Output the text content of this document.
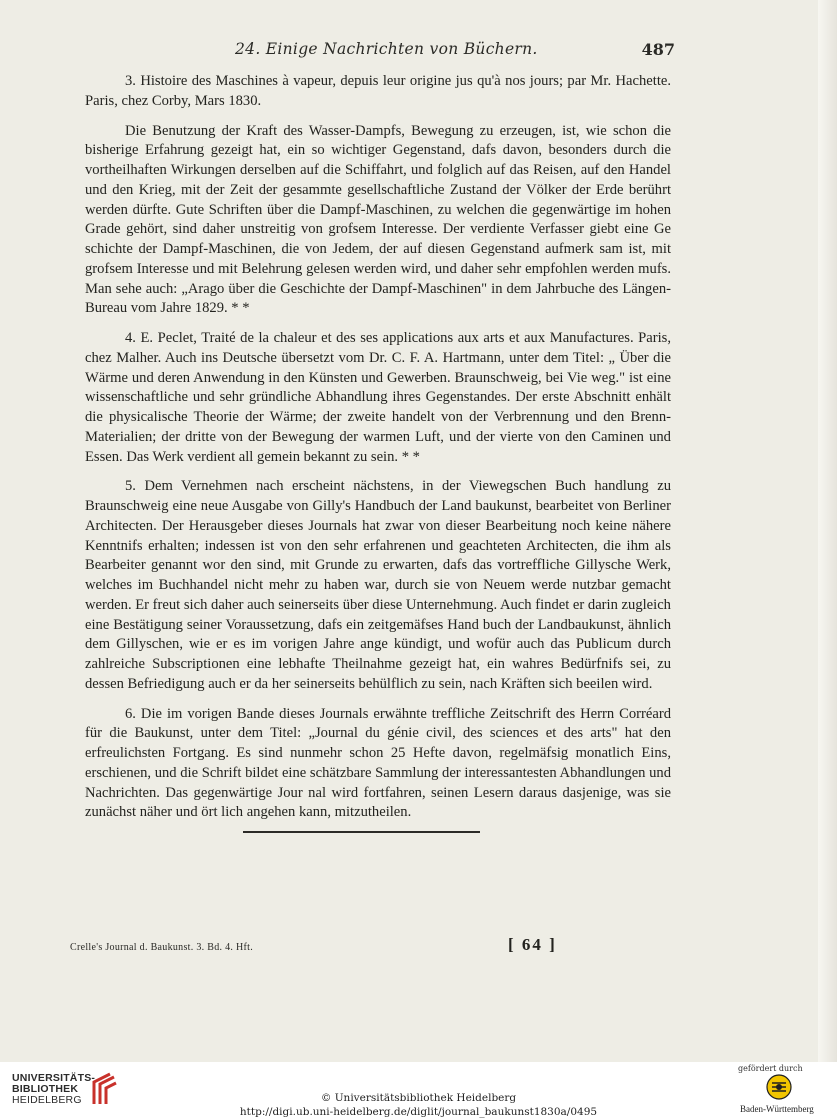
24. Einige Nachrichten von Büchern.	487

3. Histoire des Maschines à vapeur, depuis leur origine jus qu'à nos jours; par Mr. Hachette. Paris, chez Corby, Mars 1830.

Die Benutzung der Kraft des Wasser-Dampfs, Bewegung zu erzeugen, ist, wie schon die bisherige Erfahrung gezeigt hat, ein so wichtiger Gegenstand, dafs davon, besonders durch die vortheilhaften Wirkungen derselben auf die Schiffahrt, und folglich auf das Reisen, auf den Handel und den Krieg, mit der Zeit der gesammte gesellschaftliche Zustand der Völker der Erde berührt werden dürfte. Gute Schriften über die Dampf-Maschinen, zu welchen die gegenwärtige im hohen Grade gehört, sind daher unstreitig von grofsem Interesse. Der verdiente Verfasser giebt eine Ge schichte der Dampf-Maschinen, die von Jedem, der auf diesen Gegenstand aufmerk sam ist, mit grofsem Interesse und mit Belehrung gelesen werden wird, und daher sehr empfohlen werden mufs. Man sehe auch: „Arago über die Geschichte der Dampf-Maschinen" in dem Jahrbuche des Längen-Bureau vom Jahre 1829. * *

4. E. Peclet, Traité de la chaleur et des ses applications aux arts et aux Manufactures. Paris, chez Malher. Auch ins Deutsche übersetzt vom Dr. C. F. A. Hartmann, unter dem Titel: „ Über die Wärme und deren Anwendung in den Künsten und Gewerben. Braunschweig, bei Vie weg." ist eine wissenschaftliche und sehr gründliche Abhandlung ihres Gegenstandes. Der erste Abschnitt enhält die physicalische Theorie der Wärme; der zweite handelt von der Verbrennung und den Brenn-Materialien; der dritte von der Bewegung der warmen Luft, und der vierte von den Caminen und Essen. Das Werk verdient all gemein bekannt zu sein. * *

5. Dem Vernehmen nach erscheint nächstens, in der Viewegschen Buch handlung zu Braunschweig eine neue Ausgabe von Gilly's Handbuch der Land baukunst, bearbeitet von Berliner Architecten. Der Herausgeber dieses Journals hat zwar von dieser Bearbeitung noch keine nähere Kenntnifs erhalten; indessen ist von den sehr erfahrenen und geachteten Architecten, die ihm als Bearbeiter genannt wor den sind, mit Grunde zu erwarten, dafs das vortreffliche Gillysche Werk, welches im Buchhandel nicht mehr zu haben war, durch sie von Neuem werde nutzbar gemacht werden. Er freut sich daher auch seinerseits über diese Unternehmung. Auch findet er darin zugleich eine Bestätigung seiner Voraussetzung, dafs ein zeitgemäfses Hand buch der Landbaukunst, ähnlich dem Gillyschen, wie er es im vorigen Jahre ange kündigt, und wofür auch das Publicum durch zahlreiche Subscriptionen eine lebhafte Theilnahme gezeigt hat, ein wahres Bedürfnifs sei, zu dessen Befriedigung auch er da her seinerseits behülflich zu sein, nach Kräften sich beeilen wird.

6. Die im vorigen Bande dieses Journals erwähnte treffliche Zeitschrift des Herrn Corréard für die Baukunst, unter dem Titel: „Journal du génie civil, des sciences et des arts" hat den erfreulichsten Fortgang. Es sind nunmehr schon 25 Hefte davon, regelmäfsig monatlich Eins, erschienen, und die Schrift bildet eine schätzbare Sammlung der interessantesten Abhandlungen und Nachrichten. Das gegenwärtige Jour nal wird fortfahren, seinen Lesern daraus dasjenige, was sie zunächst näher und ört lich angehen kann, mitzutheilen.

Crelle's Journal d. Baukunst. 3. Bd. 4. Hft.	[ 64 ]
UNIVERSITÄTS-
BIBLIOTHEK
HEIDELBERG	© Universitätsbibliothek Heidelberg
http://digi.ub.uni-heidelberg.de/diglit/journal_baukunst1830a/0495
gefördert durch
Baden-Württemberg
